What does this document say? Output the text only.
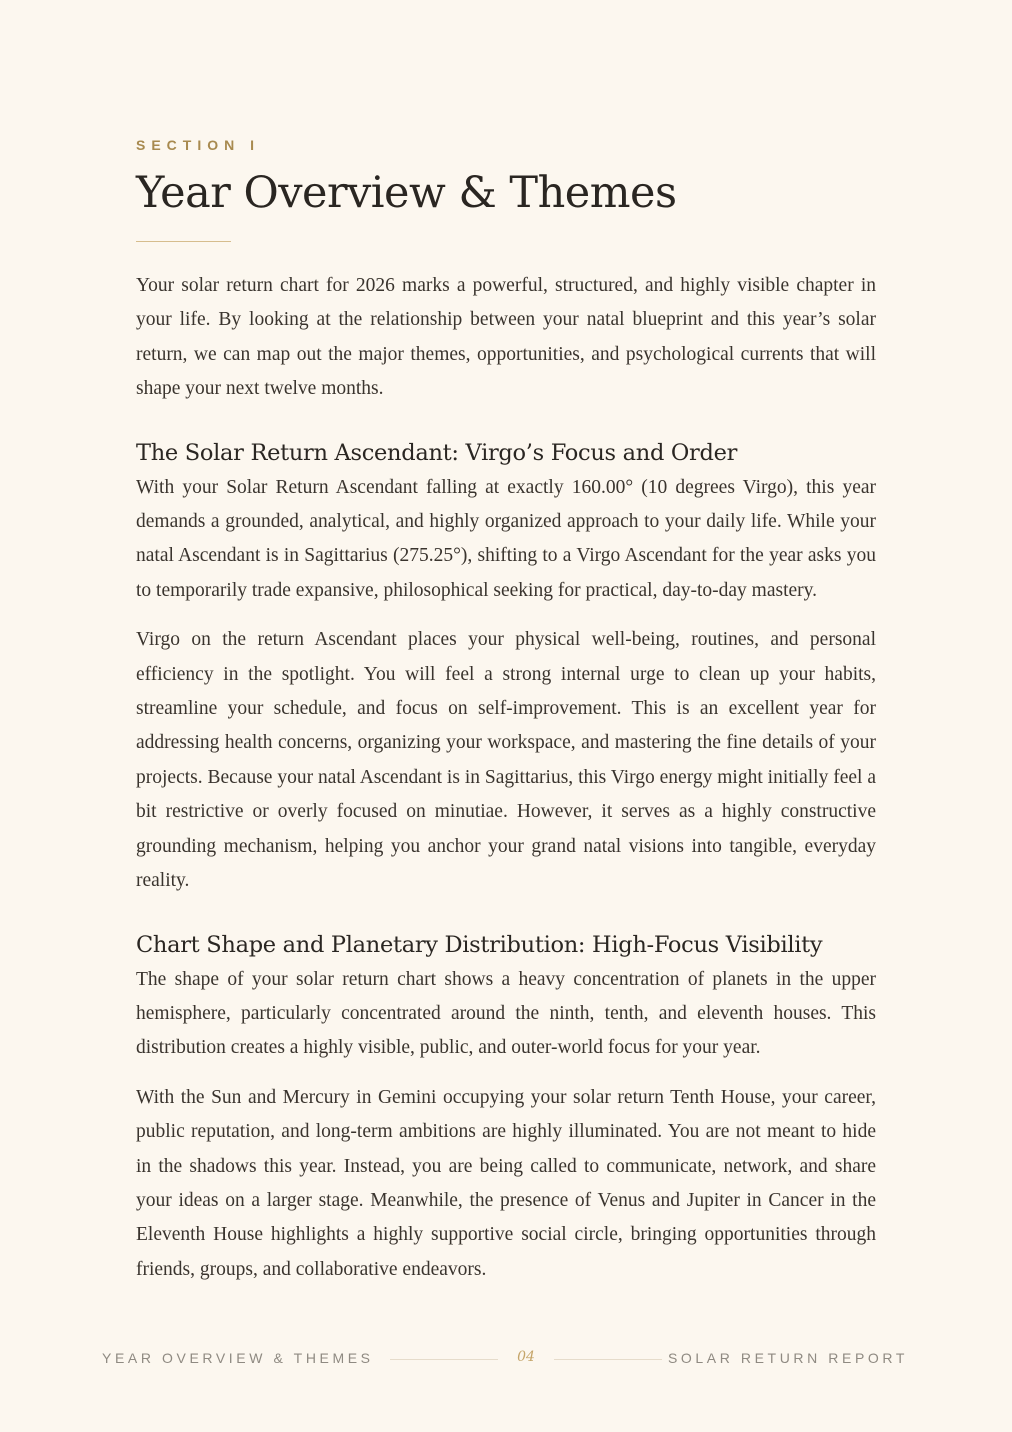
SECTION I
Year Overview & Themes

Your solar return chart for 2026 marks a powerful, structured, and highly visible chapter in your life. By looking at the relationship between your natal blueprint and this year’s solar return, we can map out the major themes, opportunities, and psychological currents that will shape your next twelve months.

The Solar Return Ascendant: Virgo’s Focus and Order

With your Solar Return Ascendant falling at exactly 160.00° (10 degrees Virgo), this year demands a grounded, analytical, and highly organized approach to your daily life. While your natal Ascendant is in Sagittarius (275.25°), shifting to a Virgo Ascendant for the year asks you to temporarily trade expansive, philosophical seeking for practical, day-to-day mastery.

Virgo on the return Ascendant places your physical well-being, routines, and personal efficiency in the spotlight. You will feel a strong internal urge to clean up your habits, streamline your schedule, and focus on self-improvement. This is an excellent year for addressing health concerns, organizing your workspace, and mastering the fine details of your projects. Because your natal Ascendant is in Sagittarius, this Virgo energy might initially feel a bit restrictive or overly focused on minutiae. However, it serves as a highly constructive grounding mechanism, helping you anchor your grand natal visions into tangible, everyday reality.

Chart Shape and Planetary Distribution: High-Focus Visibility

The shape of your solar return chart shows a heavy concentration of planets in the upper hemisphere, particularly concentrated around the ninth, tenth, and eleventh houses. This distribution creates a highly visible, public, and outer-world focus for your year.

With the Sun and Mercury in Gemini occupying your solar return Tenth House, your career, public reputation, and long-term ambitions are highly illuminated. You are not meant to hide in the shadows this year. Instead, you are being called to communicate, network, and share your ideas on a larger stage. Meanwhile, the presence of Venus and Jupiter in Cancer in the Eleventh House highlights a highly supportive social circle, bringing opportunities through friends, groups, and collaborative endeavors.

YEAR OVERVIEW & THEMES	04	SOLAR RETURN REPORT
